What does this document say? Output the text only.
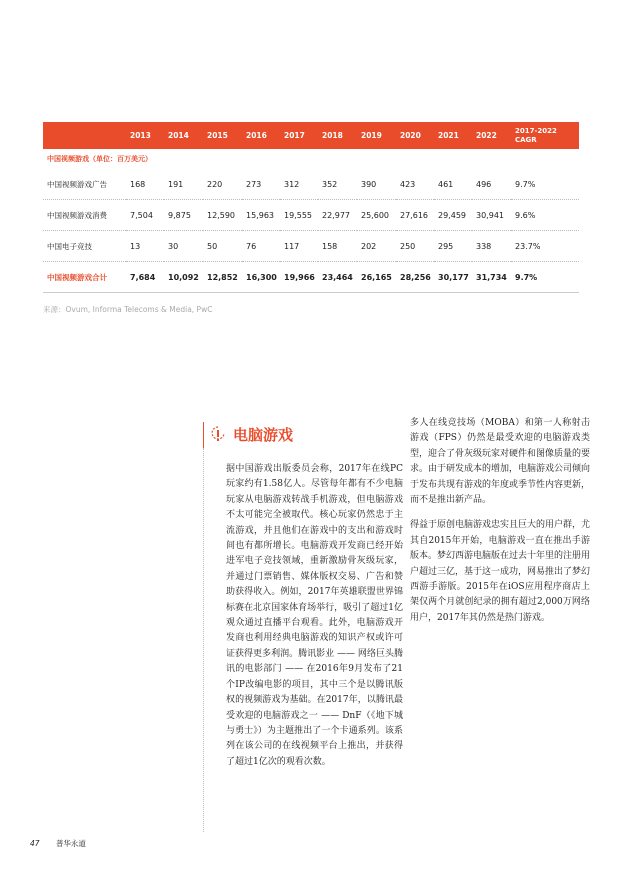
	2013	2014	2015	2016	2017	2018	2019	2020	2021	2022	2017-2022 CAGR
中国视频游戏（单位：百万美元）											
中国视频游戏广告	168	191	220	273	312	352	390	423	461	496	9.7%
中国视频游戏消费	7,504	9,875	12,590	15,963	19,555	22,977	25,600	27,616	29,459	30,941	9.6%
中国电子竞技	13	30	50	76	117	158	202	250	295	338	23.7%
中国视频游戏合计	7,684	10,092	12,852	16,300	19,966	23,464	26,165	28,256	30,177	31,734	9.7%
来源：Ovum, Informa Telecoms & Media, PwC
电脑游戏

据中国游戏出版委员会称，2017年在线PC玩家约有1.58亿人。尽管每年都有不少电脑玩家从电脑游戏转战手机游戏，但电脑游戏不太可能完全被取代。核心玩家仍然忠于主流游戏，并且他们在游戏中的支出和游戏时间也有都所增长。电脑游戏开发商已经开始进军电子竞技领域，重新激励骨灰级玩家，并通过门票销售、媒体版权交易、广告和赞助获得收入。例如，2017年英雄联盟世界锦标赛在北京国家体育场举行，吸引了超过1亿观众通过直播平台观看。此外，电脑游戏开发商也利用经典电脑游戏的知识产权或许可证获得更多利润。腾讯影业 —— 网络巨头腾讯的电影部门 —— 在2016年9月发布了21个IP改编电影的项目，其中三个是以腾讯版权的视频游戏为基础。在2017年，以腾讯最受欢迎的电脑游戏之一 —— DnF（《地下城与勇士》）为主题推出了一个卡通系列。该系列在该公司的在线视频平台上推出，并获得了超过1亿次的观看次数。

多人在线竞技场（MOBA）和第一人称射击游戏（FPS）仍然是最受欢迎的电脑游戏类型，迎合了骨灰级玩家对硬件和图像质量的要求。由于研发成本的增加，电脑游戏公司倾向于发布共现有游戏的年度或季节性内容更新，而不是推出新产品。

得益于原创电脑游戏忠实且巨大的用户群，尤其自2015年开始，电脑游戏一直在推出手游版本。梦幻西游电脑版在过去十年里的注册用户超过三亿，基于这一成功，网易推出了梦幻西游手游版。2015年在iOS应用程序商店上架仅两个月就创纪录的拥有超过2,000万网络用户，2017年其仍然是热门游戏。

47 普华永道
